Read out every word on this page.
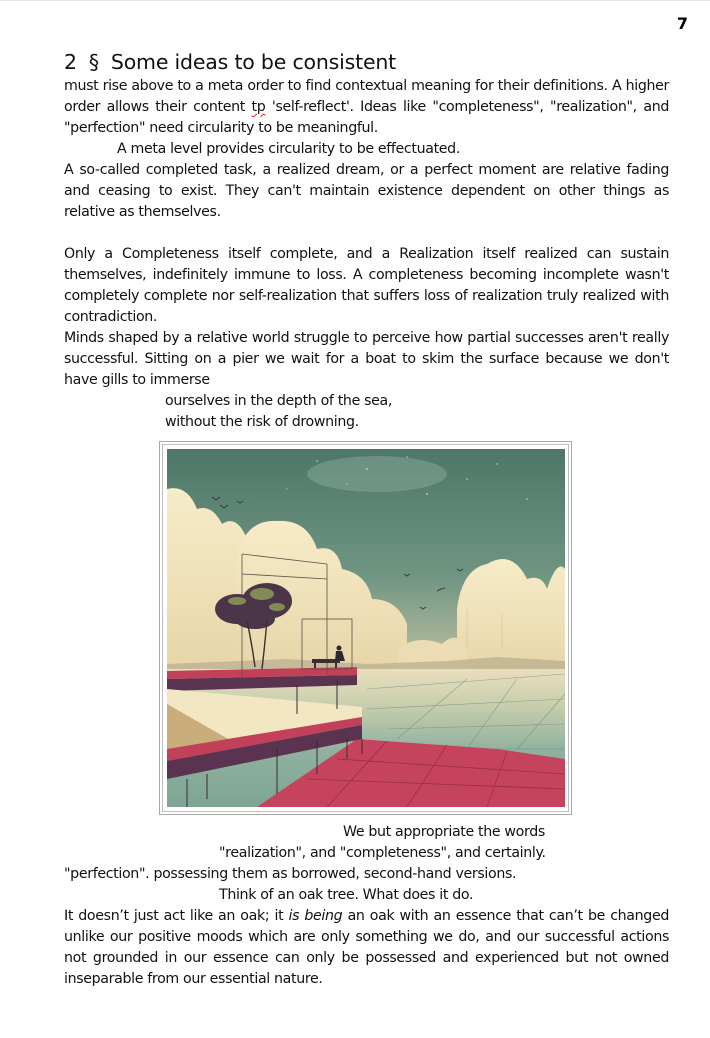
7
2 § Some ideas to be consistent

must rise above to a meta order to find contextual meaning for their definitions. A higher order allows their content tp 'self-reflect'. Ideas like "completeness", "realization", and "perfection" need circularity to be meaningful.

A meta level provides circularity to be effectuated.

A so-called completed task, a realized dream, or a perfect moment are relative fading and ceasing to exist. They can't maintain existence dependent on other things as relative as themselves.

Only a Completeness itself complete, and a Realization itself realized can sustain themselves, indefinitely immune to loss. A completeness becoming incomplete wasn't completely complete nor self-realization that suffers loss of realization truly realized with contradiction.

Minds shaped by a relative world struggle to perceive how partial successes aren't really successful. Sitting on a pier we wait for a boat to skim the surface because we don't have gills to immerse

ourselves in the depth of the sea,

without the risk of drowning.

We but appropriate the words

"realization", and "completeness", and certainly.

"perfection". possessing them as borrowed, second-hand versions.

Think of an oak tree. What does it do.

It doesn’t just act like an oak; it is being an oak with an essence that can’t be changed unlike our positive moods which are only something we do, and our successful actions not grounded in our essence can only be possessed and experienced but not owned inseparable from our essential nature.
